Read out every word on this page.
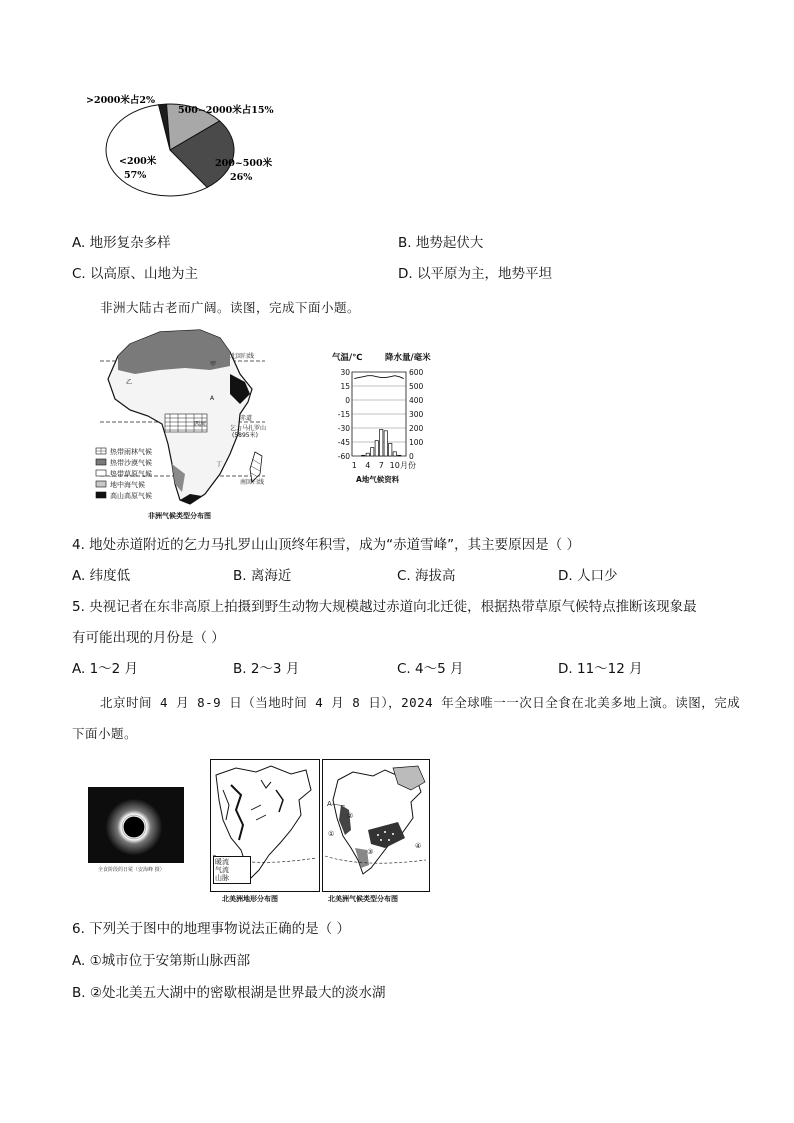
>2000米占2%
500~2000米占15%
200~500米
26%
<200米
57%
A. 地形复杂多样	B. 地势起伏大
C. 以高原、山地为主	D. 以平原为主，地势平坦
非洲大陆古老而广阔。读图，完成下面小题。
北回归线
甲
乙
A
赤道
乞力马扎罗山
(5895米)
西河
丁
南回归线
热带雨林气候
热带沙漠气候
热带草原气候
地中海气候
高山高原气候
非洲气候类型分布图
气温/℃	降水量/毫米
30
15
0
-15
-30
-45
-60
600
500
400
300
200
100
0
1 4 7 10 月份
A地气候资料
4. 地处赤道附近的乞力马扎罗山山顶终年积雪，成为“赤道雪峰”，其主要原因是（ ）
A. 纬度低	B. 离海近	C. 海拔高	D. 人口少
5. 央视记者在东非高原上拍摄到野生动物大规模越过赤道向北迁徙，根据热带草原气候特点推断该现象最
有可能出现的月份是（ ）
A. 1～2 月	B. 2～3 月	C. 4～5 月	D. 11～12 月
北京时间 4 月 8-9 日（当地时间 4 月 8 日），2024 年全球唯一一次日全食在北美多地上演。读图，完成
下面小题。
全食阶段的日冕（安海峰 摄）
暖流
气流
山脉
北美洲地形分布图
A
①
②
③
④
北美洲气候类型分布图
6. 下列关于图中的地理事物说法正确的是（ ）
A. ①城市位于安第斯山脉西部
B. ②处北美五大湖中的密歇根湖是世界最大的淡水湖
